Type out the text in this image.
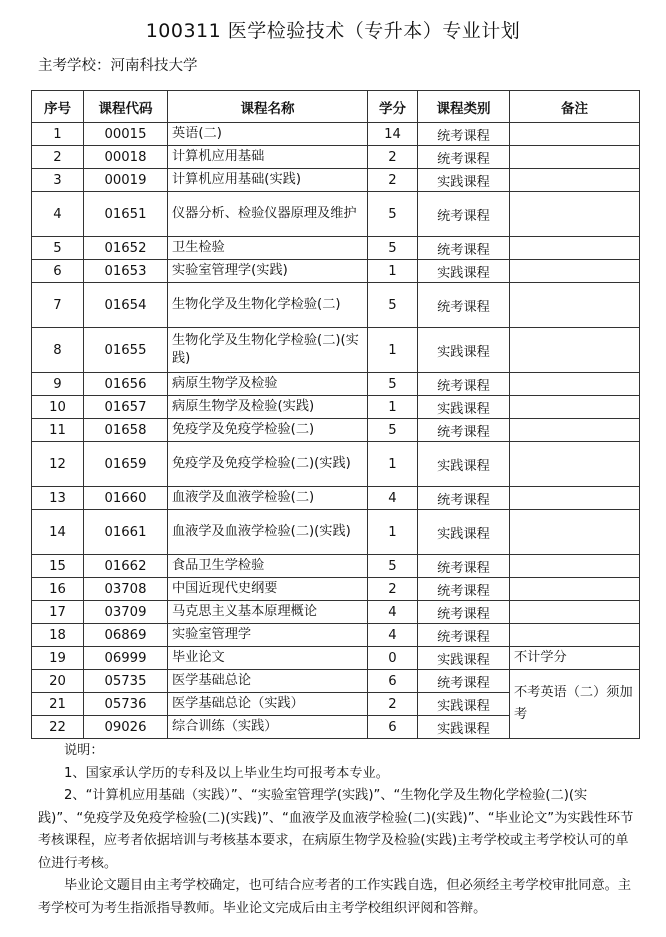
100311 医学检验技术（专升本）专业计划
主考学校：河南科技大学
序号	课程代码	课程名称	学分	课程类别	备注
1	00015	英语(二)	14	统考课程	
2	00018	计算机应用基础	2	统考课程	
3	00019	计算机应用基础(实践)	2	实践课程	
4	01651	仪器分析、检验仪器原理及维护	5	统考课程	
5	01652	卫生检验	5	统考课程	
6	01653	实验室管理学(实践)	1	实践课程	
7	01654	生物化学及生物化学检验(二)	5	统考课程	
8	01655	生物化学及生物化学检验(二)(实践)	1	实践课程	
9	01656	病原生物学及检验	5	统考课程	
10	01657	病原生物学及检验(实践)	1	实践课程	
11	01658	免疫学及免疫学检验(二)	5	统考课程	
12	01659	免疫学及免疫学检验(二)(实践)	1	实践课程	
13	01660	血液学及血液学检验(二)	4	统考课程	
14	01661	血液学及血液学检验(二)(实践)	1	实践课程	
15	01662	食品卫生学检验	5	统考课程	
16	03708	中国近现代史纲要	2	统考课程	
17	03709	马克思主义基本原理概论	4	统考课程	
18	06869	实验室管理学	4	统考课程	
19	06999	毕业论文	0	实践课程	不计学分
20	05735	医学基础总论	6	统考课程	不考英语（二）须加考
21	05736	医学基础总论（实践）	2	实践课程	
22	09026	综合训练（实践）	6	实践课程	

说明：

1、国家承认学历的专科及以上毕业生均可报考本专业。

2、“计算机应用基础（实践）”、“实验室管理学(实践)”、“生物化学及生物化学检验(二)(实践)”、“免疫学及免疫学检验(二)(实践)”、“血液学及血液学检验(二)(实践)”、“毕业论文”为实践性环节考核课程，应考者依据培训与考核基本要求，在病原生物学及检验(实践)主考学校或主考学校认可的单位进行考核。

毕业论文题目由主考学校确定，也可结合应考者的工作实践自选，但必须经主考学校审批同意。主考学校可为考生指派指导教师。毕业论文完成后由主考学校组织评阅和答辩。
